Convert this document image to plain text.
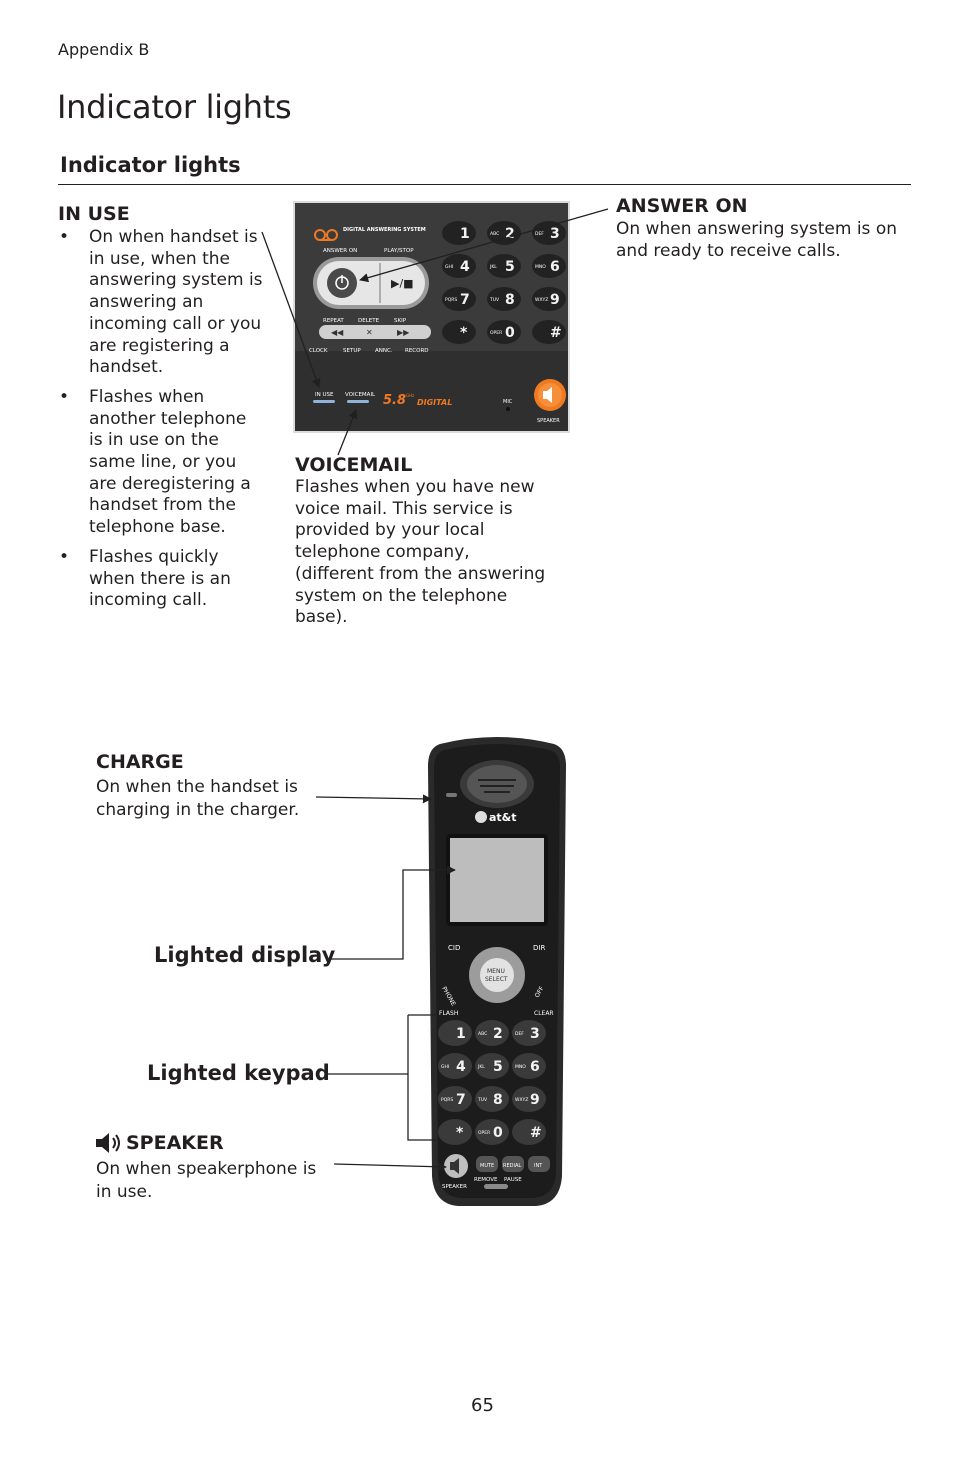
Appendix B
Indicator lights
Indicator lights
IN USE
• On when handset is in use, when the answering system is answering an incoming call or you are registering a handset.
• Flashes when another telephone is in use on the same line, or you are deregistering a handset from the telephone base.
• Flashes quickly when there is an incoming call.
ANSWER ON
On when answering system is on and ready to receive calls.
VOICEMAIL
Flashes when you have new voice mail. This service is provided by your local telephone company, (different from the answering system on the telephone base).
CHARGE
On when the handset is charging in the charger.
Lighted display
Lighted keypad
SPEAKER
On when speakerphone is in use.
DIGITAL ANSWERING SYSTEM
ANSWER ON	PLAY/STOP
▶/■
REPEAT	DELETE	SKIP
◀◀	✕	▶▶
CLOCK	SETUP	ANNC. RECORD
1	ABC 2	DEF 3
GHI 4	JKL 5	MNO 6
PQRS 7	TUV 8	WXYZ 9
*	OPER 0	#
IN USE VOICEMAIL 5.8 GHz
DIGITAL	MIC
SPEAKER
at&t
CID	DIR
MENU
SELECT
PHONE	OFF
FLASH	CLEAR
1	ABC 2	DEF 3
GHI 4	JKL 5	MNO 6
PQRS 7	TUV 8	WXYZ 9
*	OPER 0 #
MUTE REDIAL	INT
REMOVE PAUSE
SPEAKER
65
